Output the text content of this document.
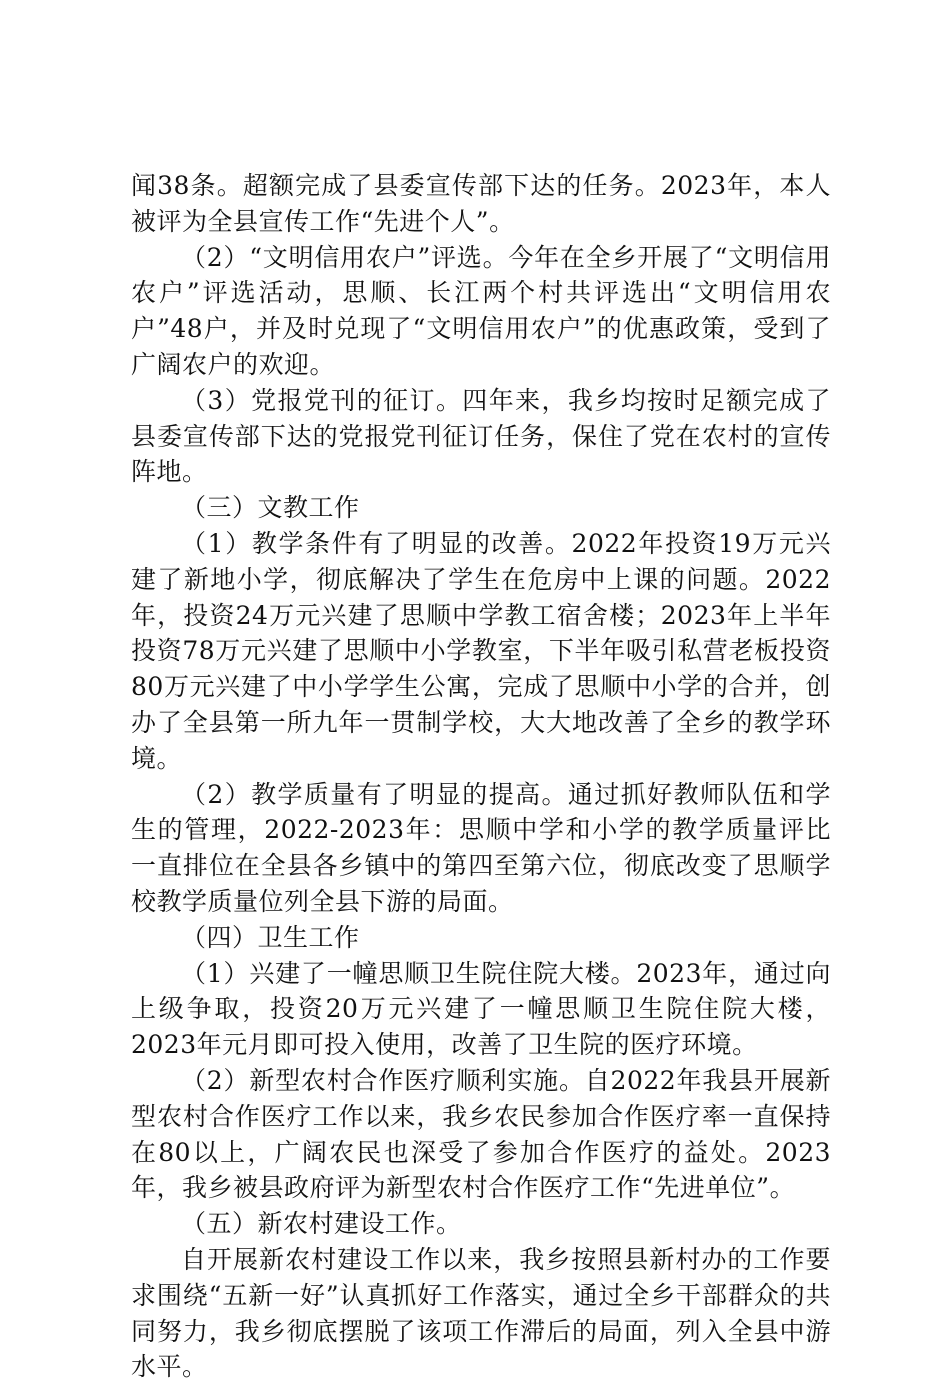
闻38条。超额完成了县委宣传部下达的任务。2023年，本人被评为全县宣传工作“先进个人”。

（2）“文明信用农户”评选。今年在全乡开展了“文明信用农户”评选活动，思顺、长江两个村共评选出“文明信用农户”48户，并及时兑现了“文明信用农户”的优惠政策，受到了广阔农户的欢迎。

（3）党报党刊的征订。四年来，我乡均按时足额完成了县委宣传部下达的党报党刊征订任务，保住了党在农村的宣传阵地。

（三）文教工作

（1）教学条件有了明显的改善。2022年投资19万元兴建了新地小学，彻底解决了学生在危房中上课的问题。2022年，投资24万元兴建了思顺中学教工宿舍楼；2023年上半年投资78万元兴建了思顺中小学教室，下半年吸引私营老板投资80万元兴建了中小学学生公寓，完成了思顺中小学的合并，创办了全县第一所九年一贯制学校，大大地改善了全乡的教学环境。

（2）教学质量有了明显的提高。通过抓好教师队伍和学生的管理，2022-2023年：思顺中学和小学的教学质量评比一直排位在全县各乡镇中的第四至第六位，彻底改变了思顺学校教学质量位列全县下游的局面。

（四）卫生工作

（1）兴建了一幢思顺卫生院住院大楼。2023年，通过向上级争取，投资20万元兴建了一幢思顺卫生院住院大楼，2023年元月即可投入使用，改善了卫生院的医疗环境。

（2）新型农村合作医疗顺利实施。自2022年我县开展新型农村合作医疗工作以来，我乡农民参加合作医疗率一直保持在80以上，广阔农民也深受了参加合作医疗的益处。2023年，我乡被县政府评为新型农村合作医疗工作“先进单位”。

（五）新农村建设工作。

自开展新农村建设工作以来，我乡按照县新村办的工作要求围绕“五新一好”认真抓好工作落实，通过全乡干部群众的共同努力，我乡彻底摆脱了该项工作滞后的局面，列入全县中游水平。
